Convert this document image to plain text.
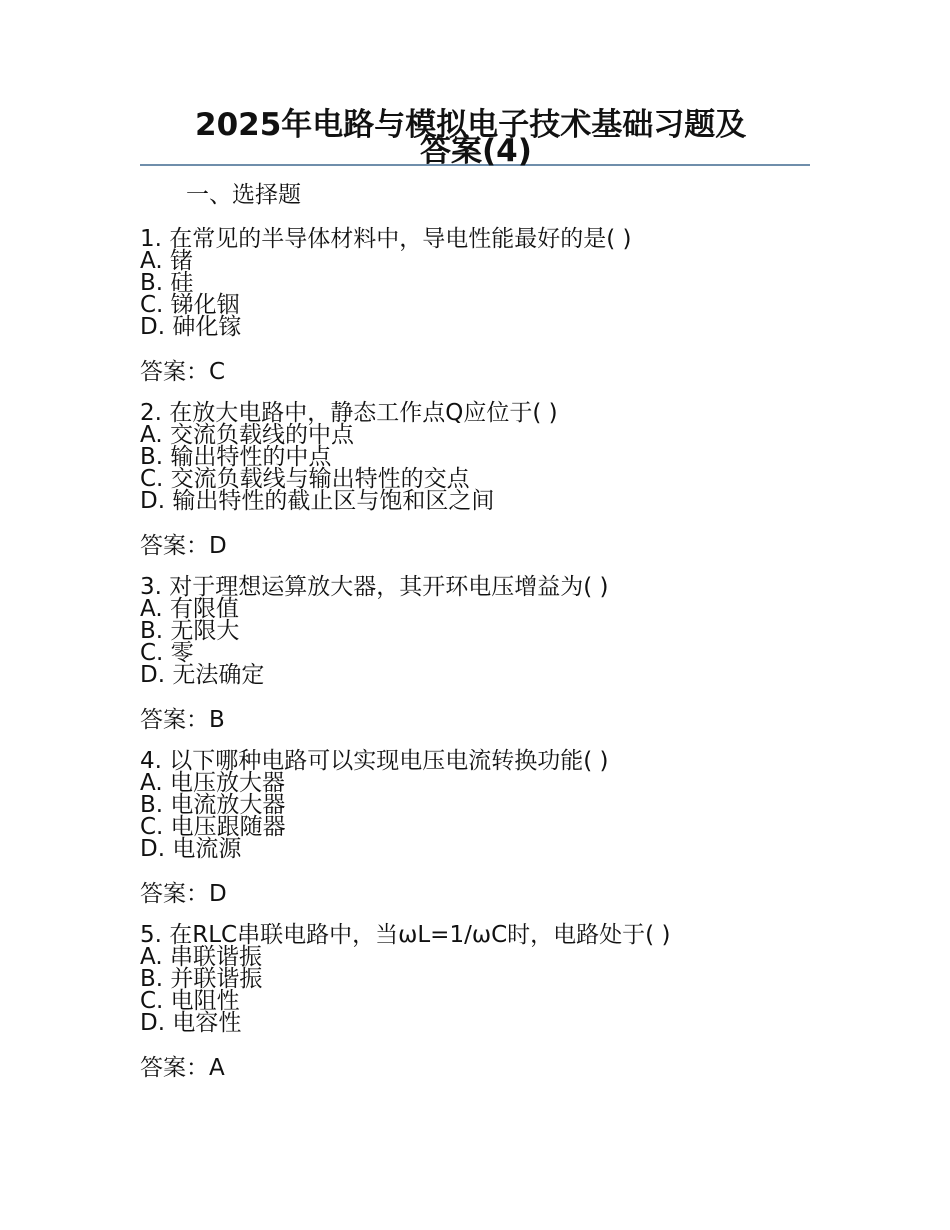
2025年电路与模拟电子技术基础习题及
答案(4)
一、选择题
1. 在常见的半导体材料中，导电性能最好的是( )
A. 锗
B. 硅
C. 锑化铟
D. 砷化镓
答案：C
2. 在放大电路中，静态工作点Q应位于( )
A. 交流负载线的中点
B. 输出特性的中点
C. 交流负载线与输出特性的交点
D. 输出特性的截止区与饱和区之间
答案：D
3. 对于理想运算放大器，其开环电压增益为( )
A. 有限值
B. 无限大
C. 零
D. 无法确定
答案：B
4. 以下哪种电路可以实现电压电流转换功能( )
A. 电压放大器
B. 电流放大器
C. 电压跟随器
D. 电流源
答案：D
5. 在RLC串联电路中，当ωL=1/ωC时，电路处于( )
A. 串联谐振
B. 并联谐振
C. 电阻性
D. 电容性
答案：A
